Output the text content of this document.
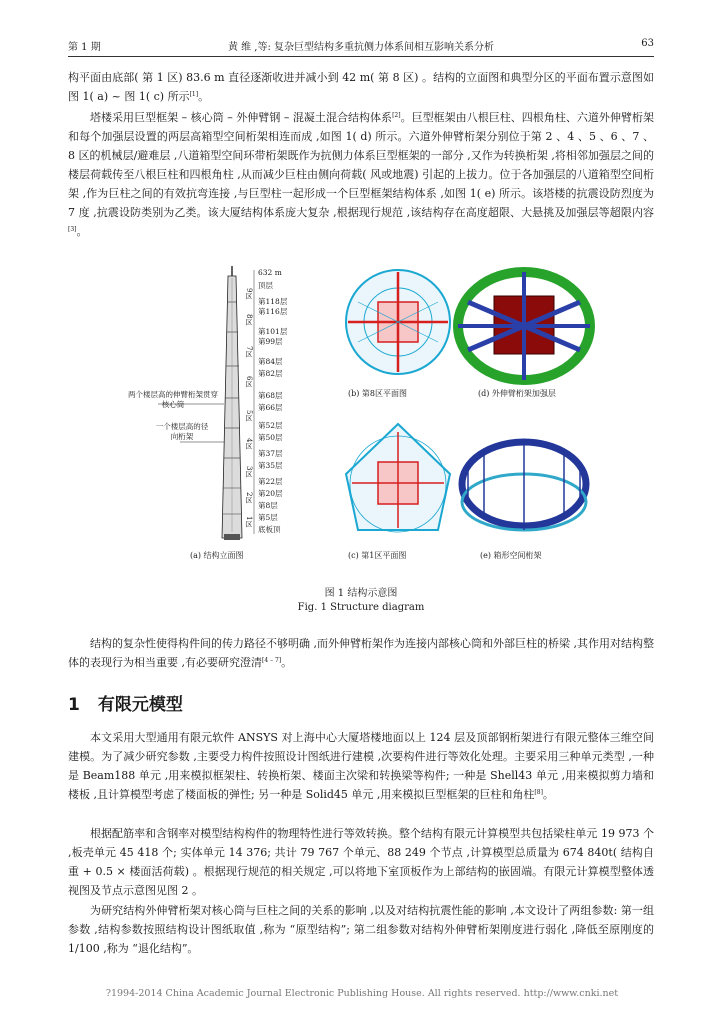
第 1 期	黄 维 ,等: 复杂巨型结构多重抗侧力体系间相互影响关系分析	63

构平面由底部( 第 1 区) 83.6 m 直径逐渐收进并减小到 42 m( 第 8 区) 。结构的立面图和典型分区的平面布置示意图如图 1( a) ~ 图 1( c) 所示[1]。

塔楼采用巨型框架 – 核心筒 – 外伸臂钢 – 混凝土混合结构体系[2]。巨型框架由八根巨柱、四根角柱、六道外伸臂桁架和每个加强层设置的两层高箱型空间桁架相连而成 ,如图 1( d) 所示。六道外伸臂桁架分别位于第 2 、4 、5 、6 、7 、8 区的机械层/避难层 ,八道箱型空间环带桁架既作为抗侧力体系巨型框架的一部分 ,又作为转换桁架 ,将相邻加强层之间的楼层荷载传至八根巨柱和四根角柱 ,从而减少巨柱由侧向荷载( 风或地震) 引起的上拔力。位于各加强层的八道箱型空间桁架 ,作为巨柱之间的有效抗弯连接 ,与巨型柱一起形成一个巨型框架结构体系 ,如图 1( e) 所示。该塔楼的抗震设防烈度为 7 度 ,抗震设防类别为乙类。该大厦结构体系庞大复杂 ,根据现行规范 ,该结构存在高度超限、大悬挑及加强层等超限内容[3]。

632 m
顶层
第118层
第116层
第101层
第99层
第84层
第82层
第68层
第66层
第52层
第50层
第37层
第35层
第22层
第20层
第8层
第5层
底板顶
9区
8区
7区
6区
5区
4区
3区
2区
1区
两个楼层高的伸臂桁架贯穿核心筒
一个楼层高的径向桁架
(a) 结构立面图
(b) 第8区平面图
(c) 第1区平面图
(d) 外伸臂桁架加强层
(e) 箱形空间桁架
图 1 结构示意图
Fig. 1 Structure diagram

结构的复杂性使得构件间的传力路径不够明确 ,而外伸臂桁架作为连接内部核心筒和外部巨柱的桥梁 ,其作用对结构整体的表现行为相当重要 ,有必要研究澄清[4 – 7]。

1 有限元模型

本文采用大型通用有限元软件 ANSYS 对上海中心大厦塔楼地面以上 124 层及顶部钢桁架进行有限元整体三维空间建模。为了减少研究参数 ,主要受力构件按照设计图纸进行建模 ,次要构件进行等效化处理。主要采用三种单元类型 ,一种是 Beam188 单元 ,用来模拟框架柱、转换桁架、楼面主次梁和转换梁等构件; 一种是 Shell43 单元 ,用来模拟剪力墙和楼板 ,且计算模型考虑了楼面板的弹性; 另一种是 Solid45 单元 ,用来模拟巨型框架的巨柱和角柱[8]。

根据配筋率和含钢率对模型结构构件的物理特性进行等效转换。整个结构有限元计算模型共包括梁柱单元 19 973 个 ,板壳单元 45 418 个; 实体单元 14 376; 共计 79 767 个单元、88 249 个节点 ,计算模型总质量为 674 840t( 结构自重 + 0.5 × 楼面活荷载) 。根据现行规范的相关规定 ,可以将地下室顶板作为上部结构的嵌固端。有限元计算模型整体透视图及节点示意图见图 2 。

为研究结构外伸臂桁架对核心筒与巨柱之间的关系的影响 ,以及对结构抗震性能的影响 ,本文设计了两组参数: 第一组参数 ,结构参数按照结构设计图纸取值 ,称为 “原型结构”; 第二组参数对结构外伸臂桁架刚度进行弱化 ,降低至原刚度的 1/100 ,称为 “退化结构”。

?1994-2014 China Academic Journal Electronic Publishing House. All rights reserved. http://www.cnki.net
